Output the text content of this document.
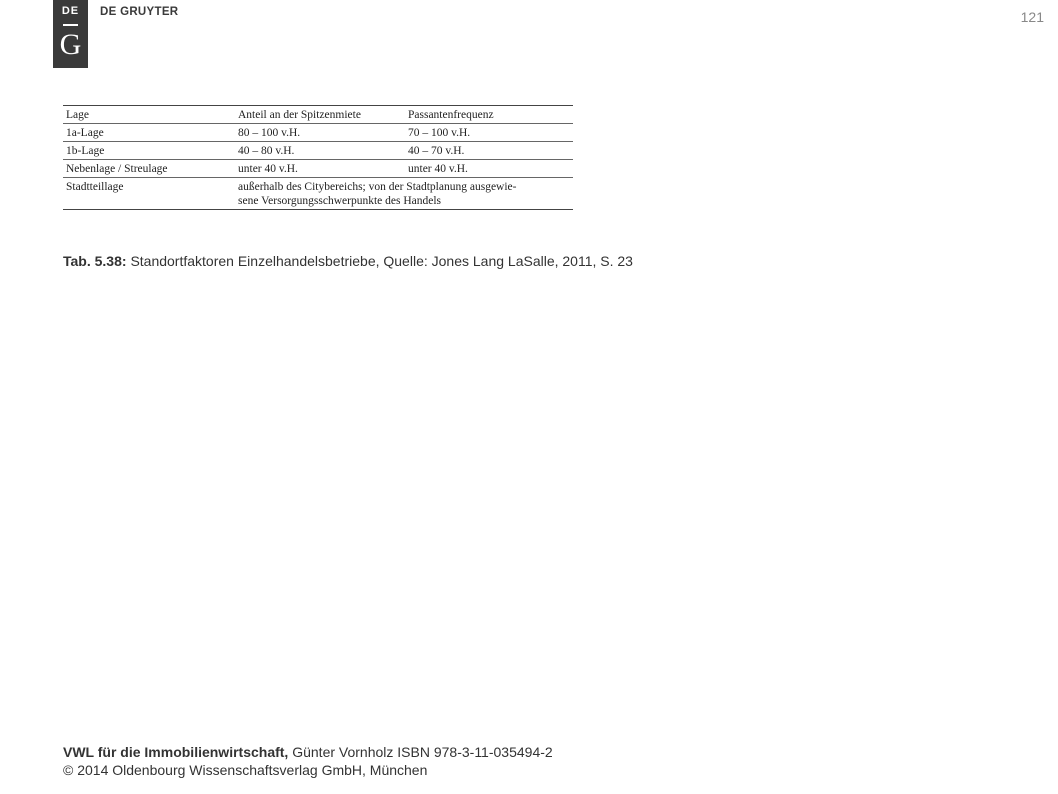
DE
G
DE GRUYTER	121
Lage	Anteil an der Spitzenmiete	Passantenfrequenz
1a-Lage	80 – 100 v.H.	70 – 100 v.H.
1b-Lage	40 – 80 v.H.	40 – 70 v.H.
Nebenlage / Streulage	unter 40 v.H.	unter 40 v.H.
Stadtteillage	außerhalb des Citybereichs; von der Stadtplanung ausgewie-
sene Versorgungsschwerpunkte des Handels	
Tab. 5.38: Standortfaktoren Einzelhandelsbetriebe, Quelle: Jones Lang LaSalle, 2011, S. 23
VWL für die Immobilienwirtschaft, Günter Vornholz ISBN 978-3-11-035494-2
© 2014 Oldenbourg Wissenschaftsverlag GmbH, München
